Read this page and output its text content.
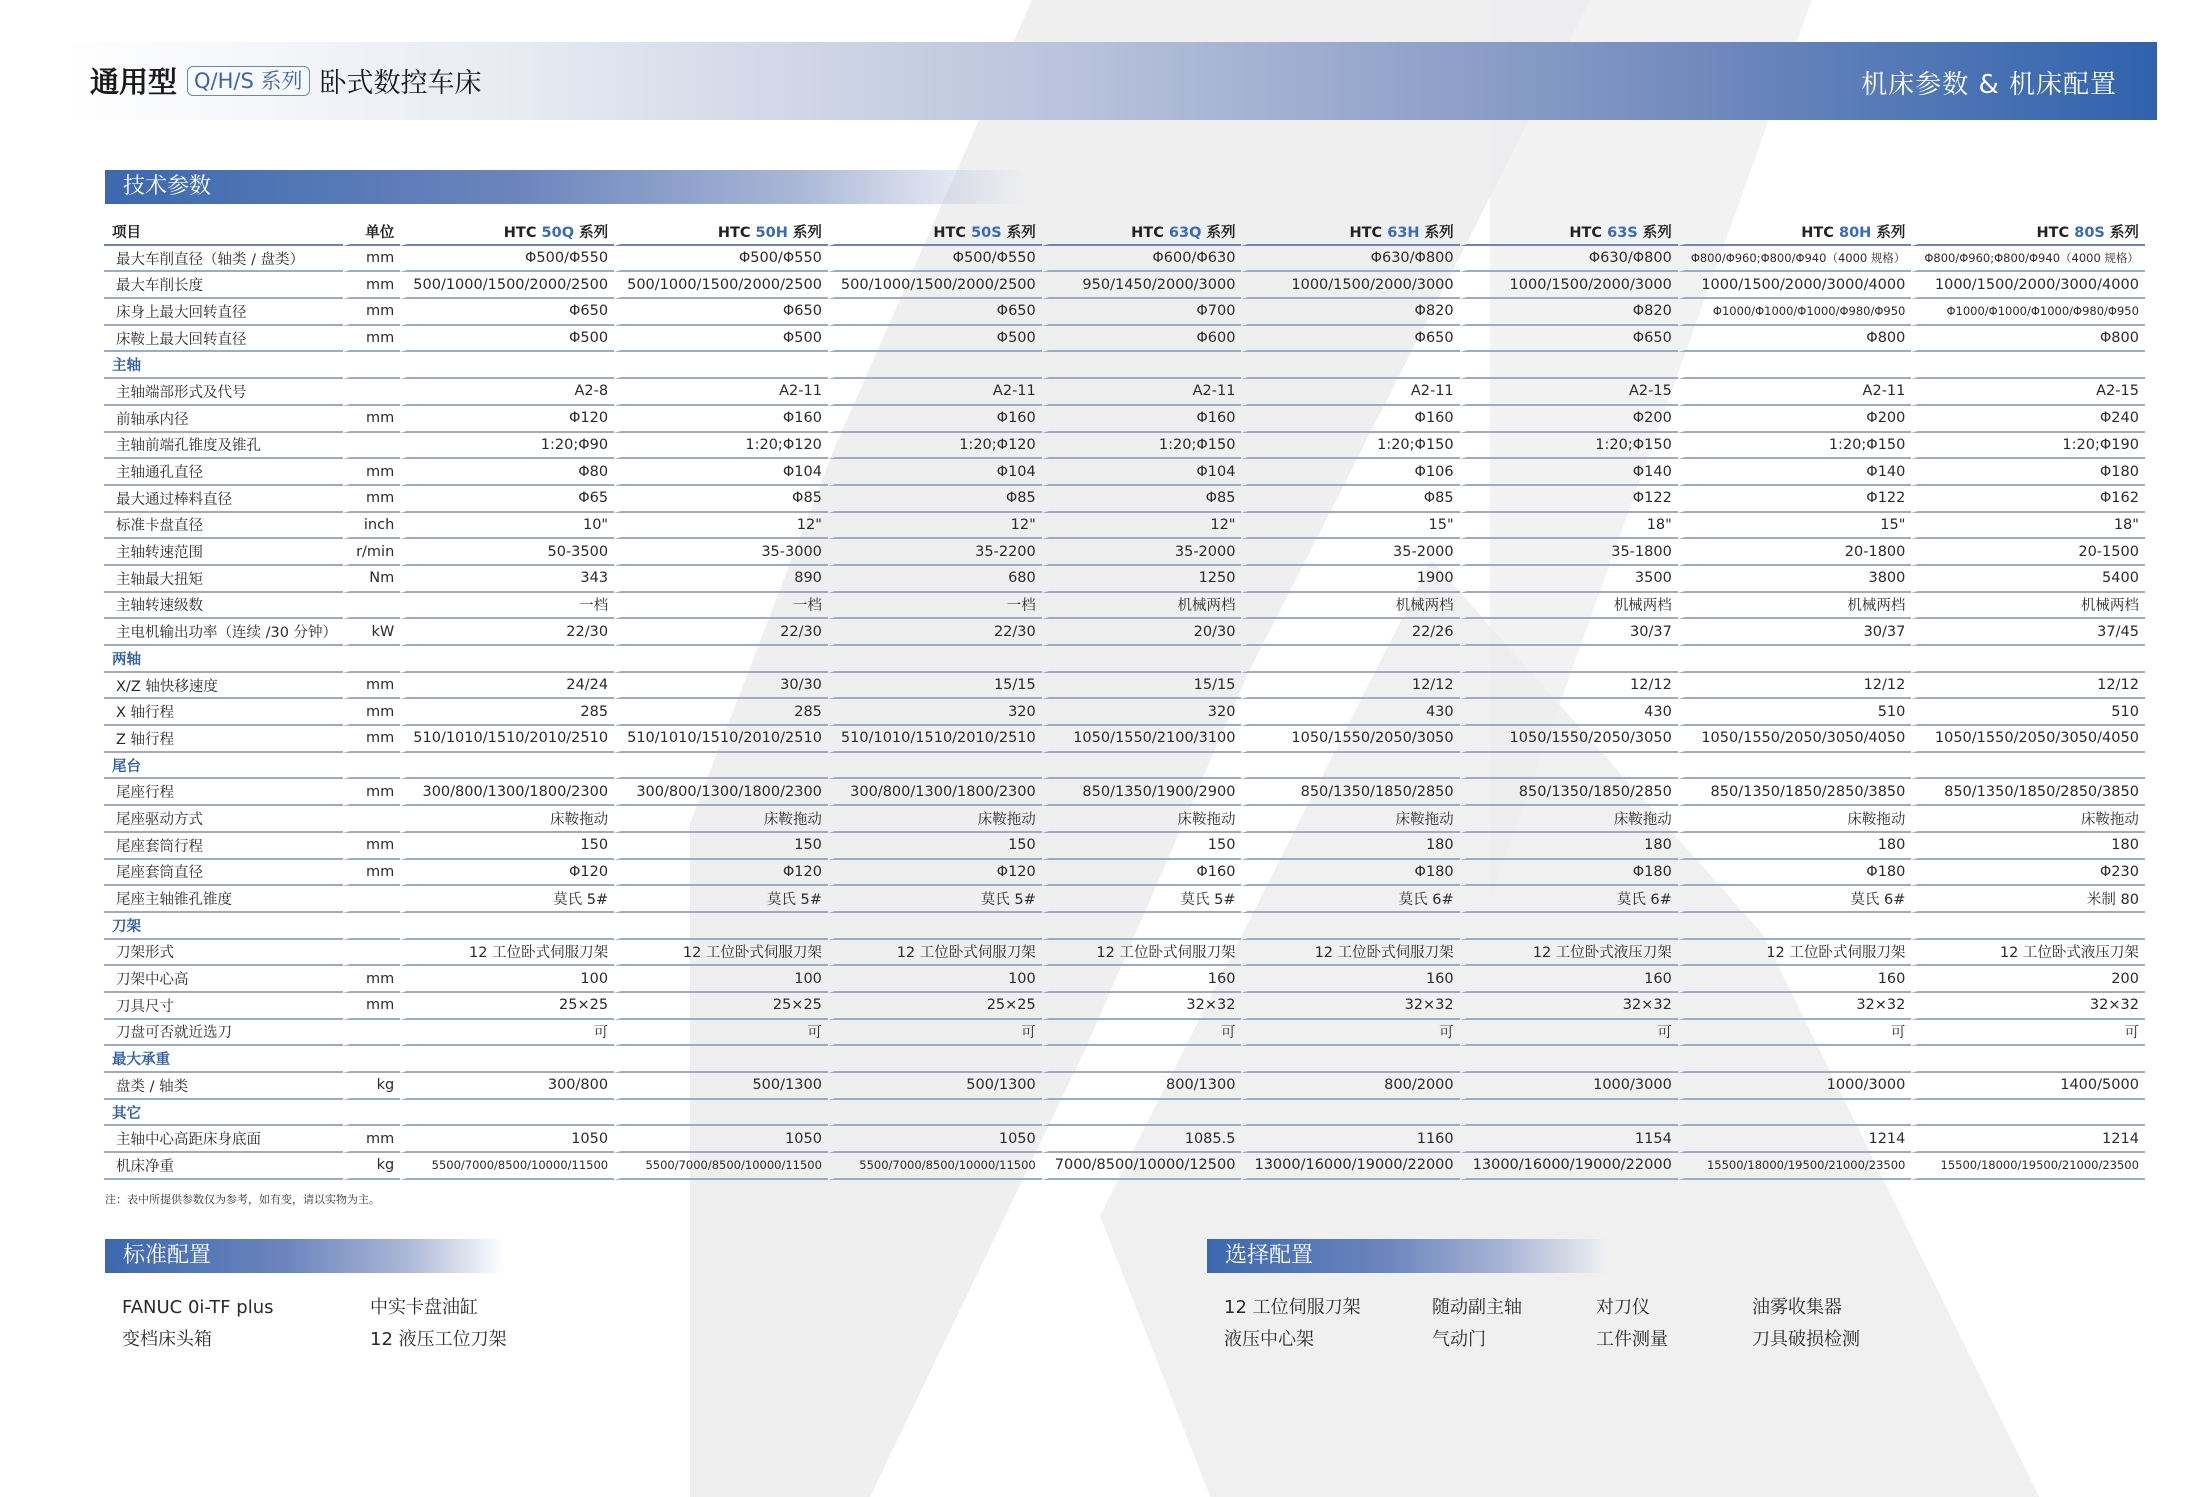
通用型 Q/H/S 系列 卧式数控车床	机床参数 & 机床配置
技术参数
项目	单位	HTC 50Q 系列	HTC 50H 系列	HTC 50S 系列	HTC 63Q 系列	HTC 63H 系列	HTC 63S 系列	HTC 80H 系列	HTC 80S 系列
最大车削直径（轴类 / 盘类）	mm	Φ500/Φ550	Φ500/Φ550	Φ500/Φ550	Φ600/Φ630	Φ630/Φ800	Φ630/Φ800	Φ800/Φ960;Φ800/Φ940（4000 规格）	Φ800/Φ960;Φ800/Φ940（4000 规格）
最大车削长度	mm	500/1000/1500/2000/2500	500/1000/1500/2000/2500	500/1000/1500/2000/2500	950/1450/2000/3000	1000/1500/2000/3000	1000/1500/2000/3000	1000/1500/2000/3000/4000	1000/1500/2000/3000/4000
床身上最大回转直径	mm	Φ650	Φ650	Φ650	Φ700	Φ820	Φ820	Φ1000/Φ1000/Φ1000/Φ980/Φ950	Φ1000/Φ1000/Φ1000/Φ980/Φ950
床鞍上最大回转直径	mm	Φ500	Φ500	Φ500	Φ600	Φ650	Φ650	Φ800	Φ800
主轴									
主轴端部形式及代号		A2-8	A2-11	A2-11	A2-11	A2-11	A2-15	A2-11	A2-15
前轴承内径	mm	Φ120	Φ160	Φ160	Φ160	Φ160	Φ200	Φ200	Φ240
主轴前端孔锥度及锥孔		1:20;Φ90	1:20;Φ120	1:20;Φ120	1:20;Φ150	1:20;Φ150	1:20;Φ150	1:20;Φ150	1:20;Φ190
主轴通孔直径	mm	Φ80	Φ104	Φ104	Φ104	Φ106	Φ140	Φ140	Φ180
最大通过棒料直径	mm	Φ65	Φ85	Φ85	Φ85	Φ85	Φ122	Φ122	Φ162
标准卡盘直径	inch	10"	12"	12"	12"	15"	18"	15"	18"
主轴转速范围	r/min	50-3500	35-3000	35-2200	35-2000	35-2000	35-1800	20-1800	20-1500
主轴最大扭矩	Nm	343	890	680	1250	1900	3500	3800	5400
主轴转速级数		一档	一档	一档	机械两档	机械两档	机械两档	机械两档	机械两档
主电机输出功率（连续 /30 分钟）	kW	22/30	22/30	22/30	20/30	22/26	30/37	30/37	37/45
两轴									
X/Z 轴快移速度	mm	24/24	30/30	15/15	15/15	12/12	12/12	12/12	12/12
X 轴行程	mm	285	285	320	320	430	430	510	510
Z 轴行程	mm	510/1010/1510/2010/2510	510/1010/1510/2010/2510	510/1010/1510/2010/2510	1050/1550/2100/3100	1050/1550/2050/3050	1050/1550/2050/3050	1050/1550/2050/3050/4050	1050/1550/2050/3050/4050
尾台									
尾座行程	mm	300/800/1300/1800/2300	300/800/1300/1800/2300	300/800/1300/1800/2300	850/1350/1900/2900	850/1350/1850/2850	850/1350/1850/2850	850/1350/1850/2850/3850	850/1350/1850/2850/3850
尾座驱动方式		床鞍拖动	床鞍拖动	床鞍拖动	床鞍拖动	床鞍拖动	床鞍拖动	床鞍拖动	床鞍拖动
尾座套筒行程	mm	150	150	150	150	180	180	180	180
尾座套筒直径	mm	Φ120	Φ120	Φ120	Φ160	Φ180	Φ180	Φ180	Φ230
尾座主轴锥孔锥度		莫氏 5#	莫氏 5#	莫氏 5#	莫氏 5#	莫氏 6#	莫氏 6#	莫氏 6#	米制 80
刀架									
刀架形式		12 工位卧式伺服刀架	12 工位卧式伺服刀架	12 工位卧式伺服刀架	12 工位卧式伺服刀架	12 工位卧式伺服刀架	12 工位卧式液压刀架	12 工位卧式伺服刀架	12 工位卧式液压刀架
刀架中心高	mm	100	100	100	160	160	160	160	200
刀具尺寸	mm	25×25	25×25	25×25	32×32	32×32	32×32	32×32	32×32
刀盘可否就近选刀		可	可	可	可	可	可	可	可
最大承重									
盘类 / 轴类	kg	300/800	500/1300	500/1300	800/1300	800/2000	1000/3000	1000/3000	1400/5000
其它									
主轴中心高距床身底面	mm	1050	1050	1050	1085.5	1160	1154	1214	1214
机床净重	kg	5500/7000/8500/10000/11500	5500/7000/8500/10000/11500	5500/7000/8500/10000/11500	7000/8500/10000/12500	13000/16000/19000/22000	13000/16000/19000/22000	15500/18000/19500/21000/23500	15500/18000/19500/21000/23500
注：表中所提供参数仅为参考，如有变，请以实物为主。
标准配置
FANUC 0i-TF plus	中实卡盘油缸
变档床头箱	12 液压工位刀架
选择配置
12 工位伺服刀架	随动副主轴	对刀仪	油雾收集器
液压中心架	气动门	工件测量	刀具破损检测
